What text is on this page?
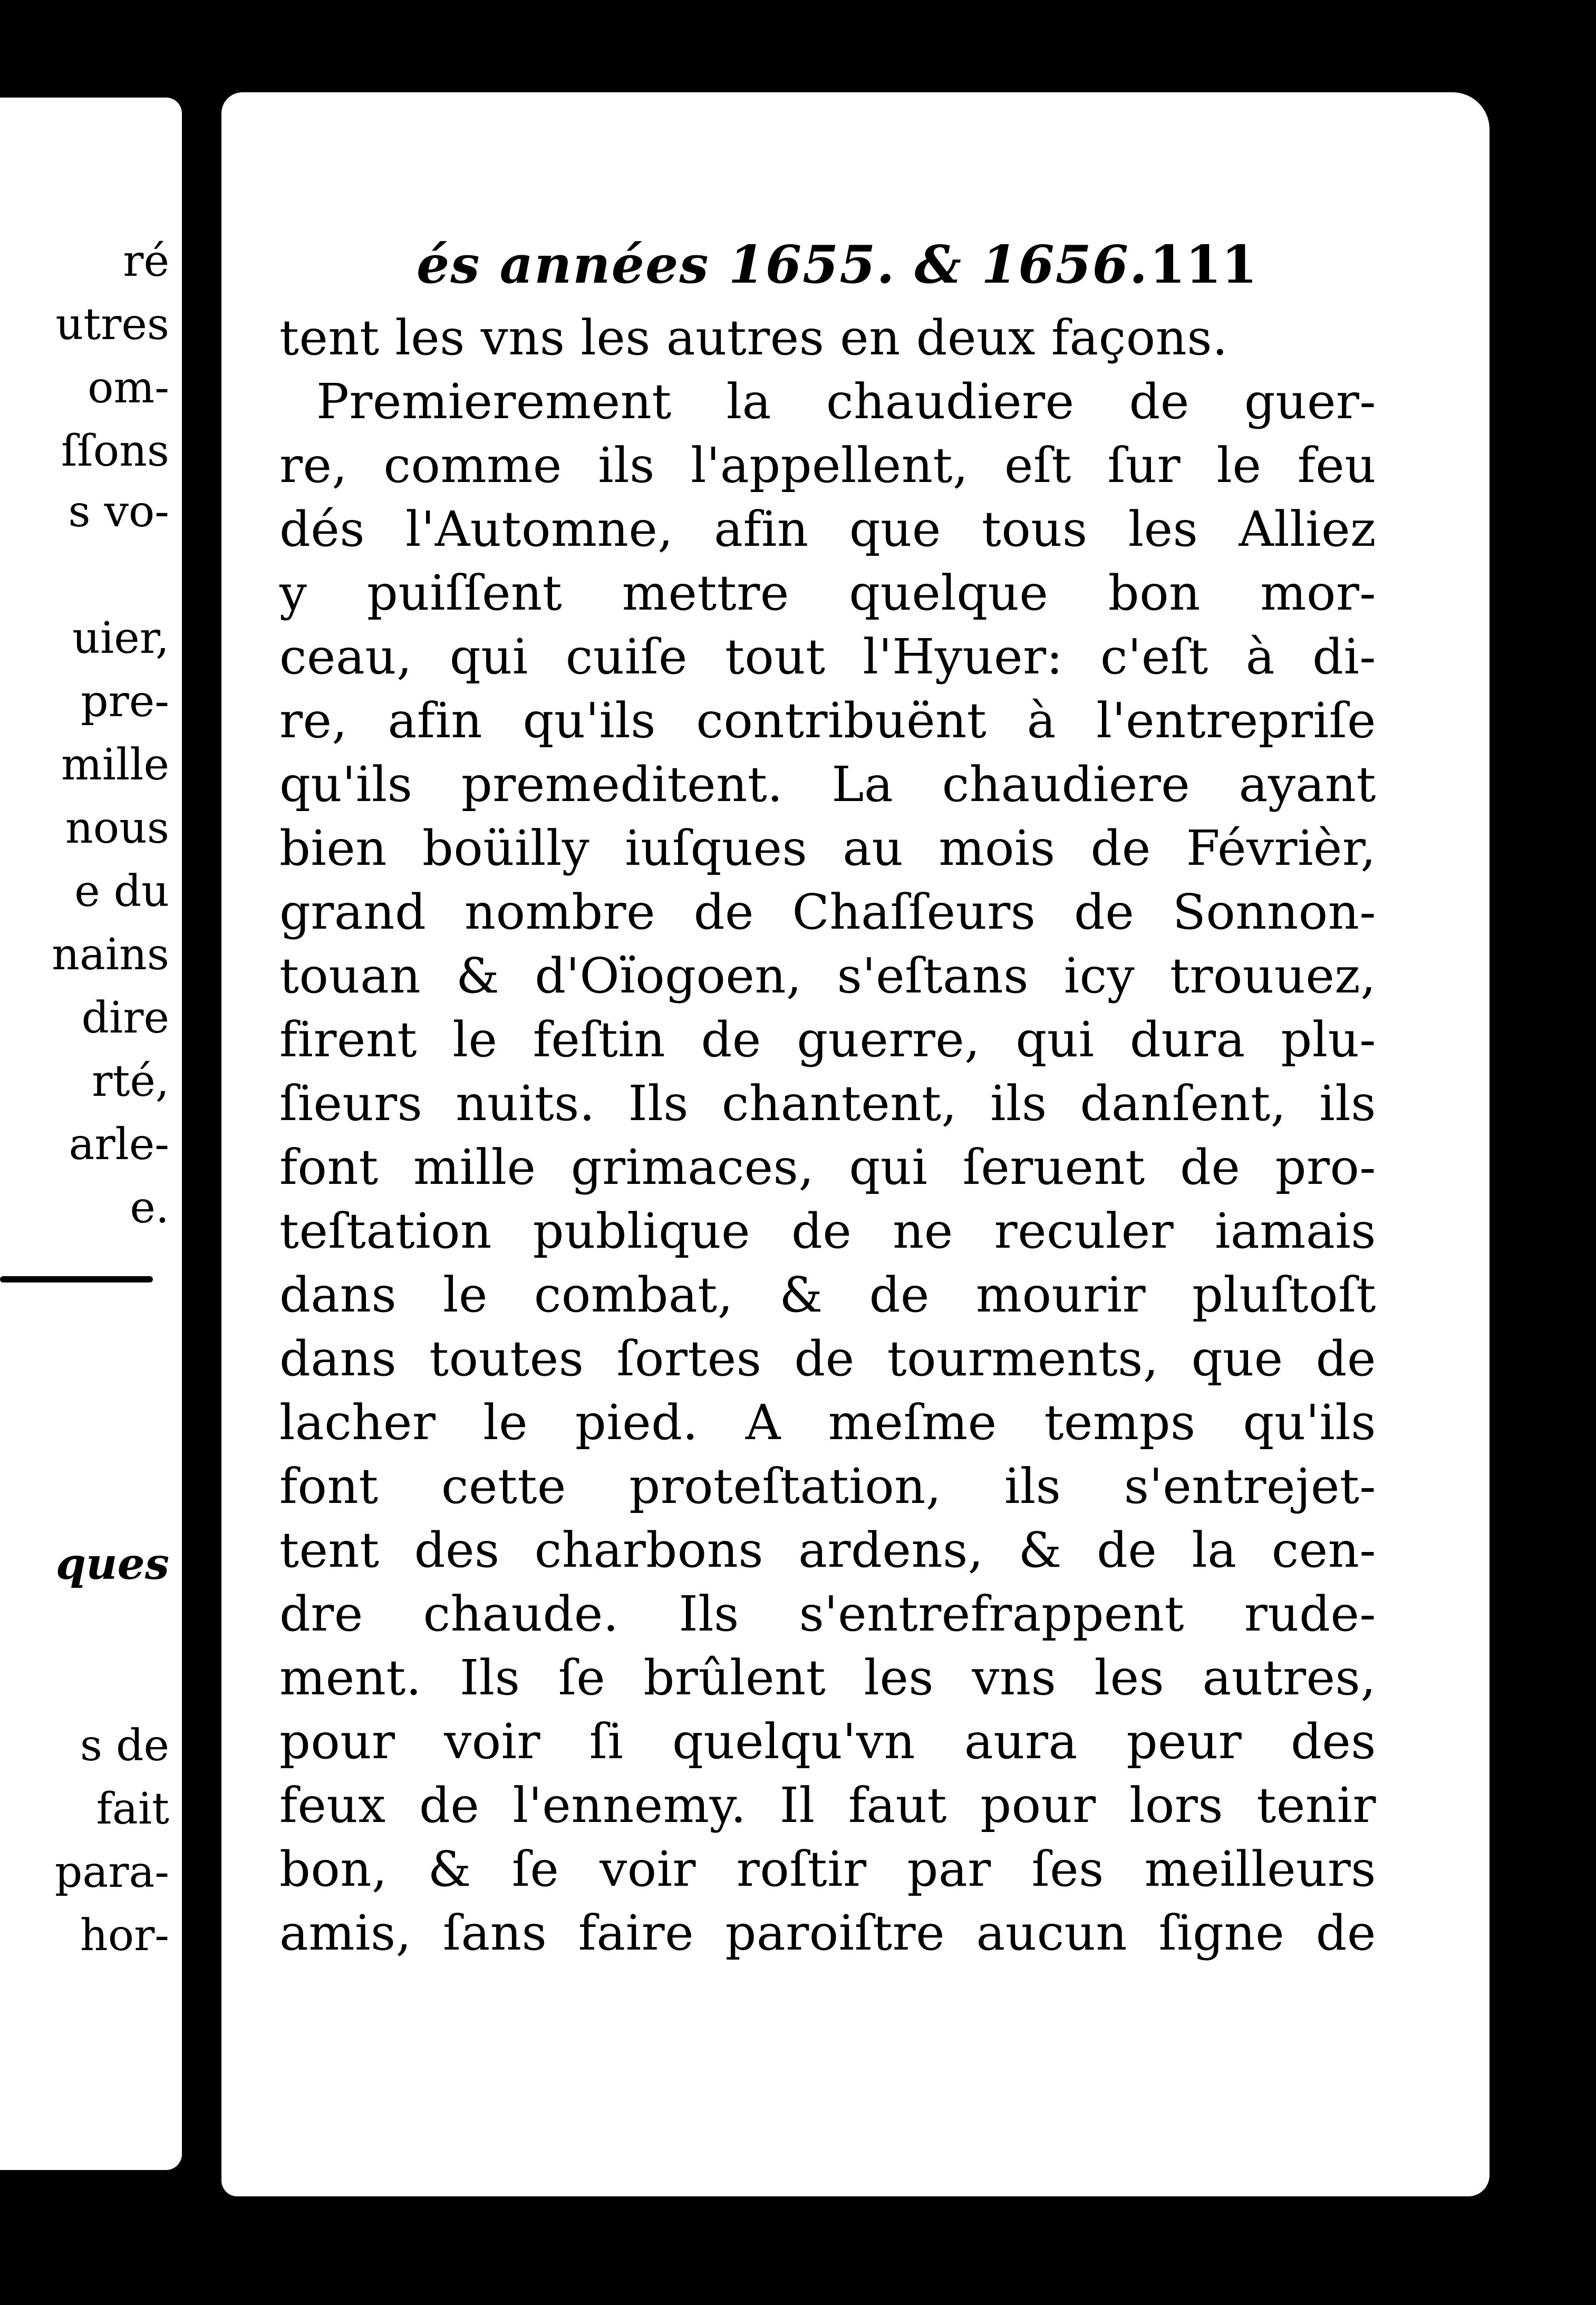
ré
utres
om-
ſſons
s vo-
uier,
pre-
mille
nous
e du
nains
dire
rté,
arle-
e.
ques
s de
fait
para-
hor-
és années 1655. & 1656. 111
tent les vns les autres en deux façons.
Premierement la chaudiere de guer-
re, comme ils l'appellent, eſt ſur le feu
dés l'Automne, afin que tous les Alliez
y puiſſent mettre quelque bon mor-
ceau, qui cuiſe tout l'Hyuer: c'eſt à di-
re, afin qu'ils contribuënt à l'entrepriſe
qu'ils premeditent. La chaudiere ayant
bien boüilly iuſques au mois de Févrièr,
grand nombre de Chaſſeurs de Sonnon-
touan & d'Oïogoen, s'eſtans icy trouuez,
firent le feſtin de guerre, qui dura plu-
ſieurs nuits. Ils chantent, ils danſent, ils
font mille grimaces, qui ſeruent de pro-
teſtation publique de ne reculer iamais
dans le combat, & de mourir pluſtoſt
dans toutes ſortes de tourments, que de
lacher le pied. A meſme temps qu'ils
font cette proteſtation, ils s'entrejet-
tent des charbons ardens, & de la cen-
dre chaude. Ils s'entrefrappent rude-
ment. Ils ſe brûlent les vns les autres,
pour voir ſi quelqu'vn aura peur des
feux de l'ennemy. Il faut pour lors tenir
bon, & ſe voir roſtir par ſes meilleurs
amis, ſans faire paroiſtre aucun ſigne de
